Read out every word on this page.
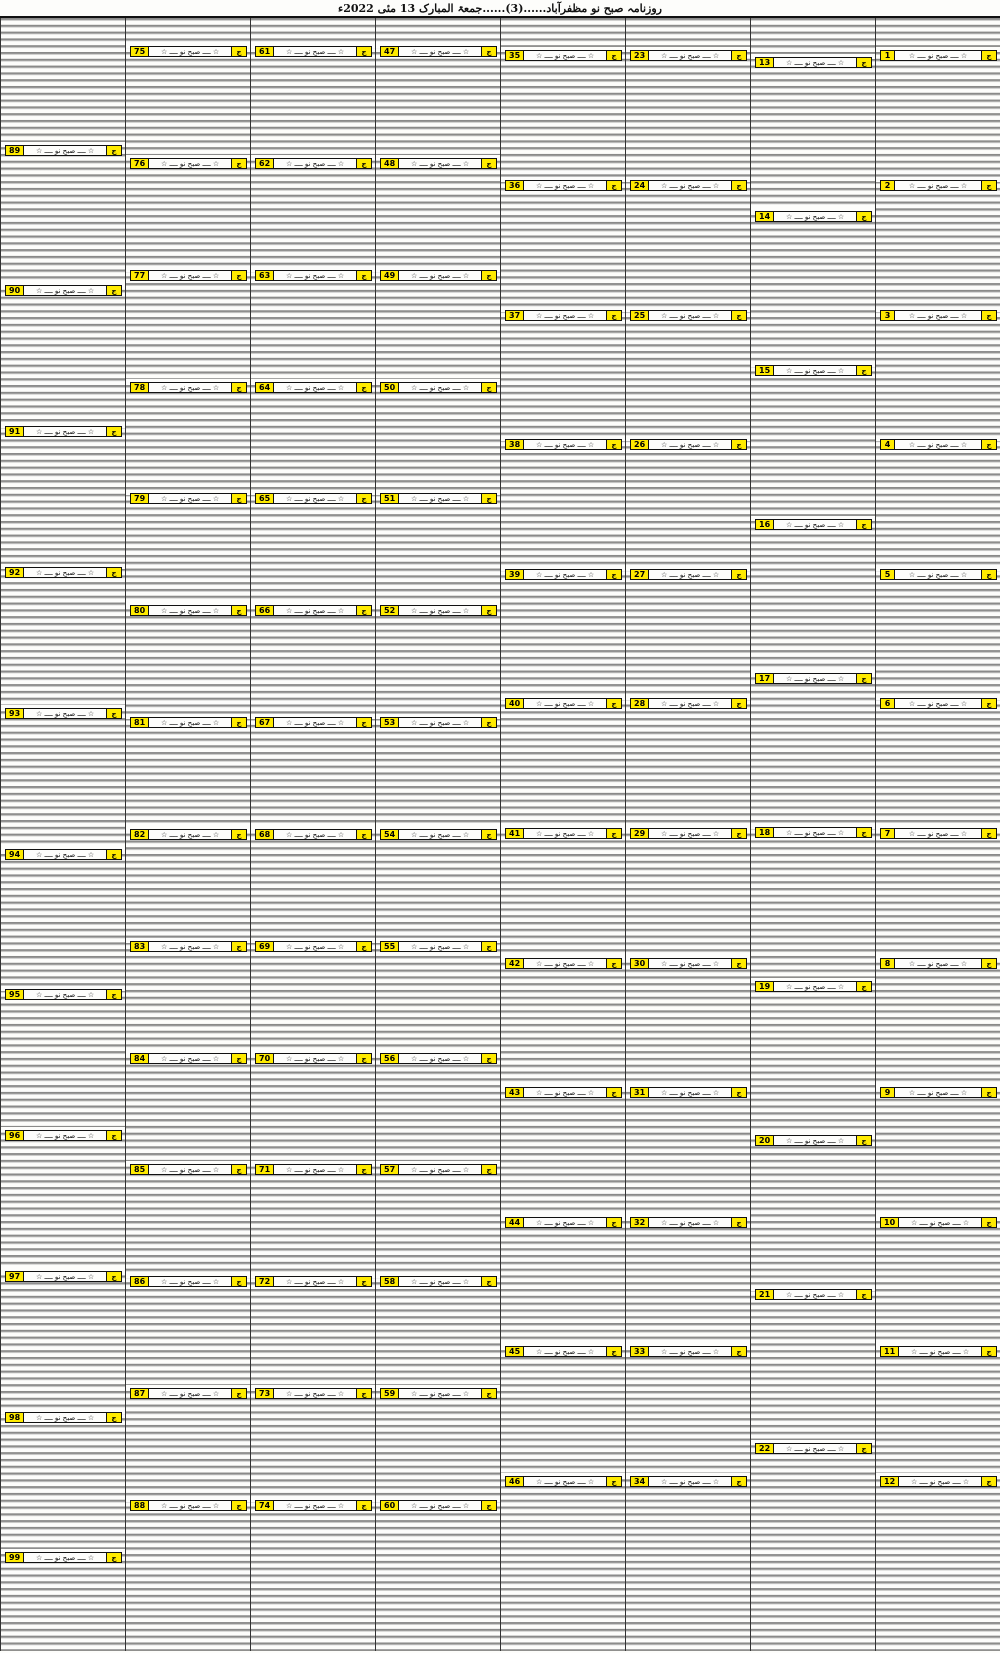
روزنامہ صبح نو مظفرآباد......(3)......جمعۃ المبارک 13 مئی 2022ء
89	☆ ــــ صبح نو ــــ ☆	ج
90	☆ ــــ صبح نو ــــ ☆	ج
91	☆ ــــ صبح نو ــــ ☆	ج
92	☆ ــــ صبح نو ــــ ☆	ج
93	☆ ــــ صبح نو ــــ ☆	ج
94	☆ ــــ صبح نو ــــ ☆	ج
95	☆ ــــ صبح نو ــــ ☆	ج
96	☆ ــــ صبح نو ــــ ☆	ج
97	☆ ــــ صبح نو ــــ ☆	ج
98	☆ ــــ صبح نو ــــ ☆	ج
99	☆ ــــ صبح نو ــــ ☆	ج
75	☆ ــــ صبح نو ــــ ☆	ج
76	☆ ــــ صبح نو ــــ ☆	ج
77	☆ ــــ صبح نو ــــ ☆	ج
78	☆ ــــ صبح نو ــــ ☆	ج
79	☆ ــــ صبح نو ــــ ☆	ج
80	☆ ــــ صبح نو ــــ ☆	ج
81	☆ ــــ صبح نو ــــ ☆	ج
82	☆ ــــ صبح نو ــــ ☆	ج
83	☆ ــــ صبح نو ــــ ☆	ج
84	☆ ــــ صبح نو ــــ ☆	ج
85	☆ ــــ صبح نو ــــ ☆	ج
86	☆ ــــ صبح نو ــــ ☆	ج
87	☆ ــــ صبح نو ــــ ☆	ج
88	☆ ــــ صبح نو ــــ ☆	ج
61	☆ ــــ صبح نو ــــ ☆	ج
62	☆ ــــ صبح نو ــــ ☆	ج
63	☆ ــــ صبح نو ــــ ☆	ج
64	☆ ــــ صبح نو ــــ ☆	ج
65	☆ ــــ صبح نو ــــ ☆	ج
66	☆ ــــ صبح نو ــــ ☆	ج
67	☆ ــــ صبح نو ــــ ☆	ج
68	☆ ــــ صبح نو ــــ ☆	ج
69	☆ ــــ صبح نو ــــ ☆	ج
70	☆ ــــ صبح نو ــــ ☆	ج
71	☆ ــــ صبح نو ــــ ☆	ج
72	☆ ــــ صبح نو ــــ ☆	ج
73	☆ ــــ صبح نو ــــ ☆	ج
74	☆ ــــ صبح نو ــــ ☆	ج
47	☆ ــــ صبح نو ــــ ☆	ج
48	☆ ــــ صبح نو ــــ ☆	ج
49	☆ ــــ صبح نو ــــ ☆	ج
50	☆ ــــ صبح نو ــــ ☆	ج
51	☆ ــــ صبح نو ــــ ☆	ج
52	☆ ــــ صبح نو ــــ ☆	ج
53	☆ ــــ صبح نو ــــ ☆	ج
54	☆ ــــ صبح نو ــــ ☆	ج
55	☆ ــــ صبح نو ــــ ☆	ج
56	☆ ــــ صبح نو ــــ ☆	ج
57	☆ ــــ صبح نو ــــ ☆	ج
58	☆ ــــ صبح نو ــــ ☆	ج
59	☆ ــــ صبح نو ــــ ☆	ج
60	☆ ــــ صبح نو ــــ ☆	ج
35	☆ ــــ صبح نو ــــ ☆	ج
36	☆ ــــ صبح نو ــــ ☆	ج
37	☆ ــــ صبح نو ــــ ☆	ج
38	☆ ــــ صبح نو ــــ ☆	ج
39	☆ ــــ صبح نو ــــ ☆	ج
40	☆ ــــ صبح نو ــــ ☆	ج
41	☆ ــــ صبح نو ــــ ☆	ج
42	☆ ــــ صبح نو ــــ ☆	ج
43	☆ ــــ صبح نو ــــ ☆	ج
44	☆ ــــ صبح نو ــــ ☆	ج
45	☆ ــــ صبح نو ــــ ☆	ج
46	☆ ــــ صبح نو ــــ ☆	ج
23	☆ ــــ صبح نو ــــ ☆	ج
24	☆ ــــ صبح نو ــــ ☆	ج
25	☆ ــــ صبح نو ــــ ☆	ج
26	☆ ــــ صبح نو ــــ ☆	ج
27	☆ ــــ صبح نو ــــ ☆	ج
28	☆ ــــ صبح نو ــــ ☆	ج
29	☆ ــــ صبح نو ــــ ☆	ج
30	☆ ــــ صبح نو ــــ ☆	ج
31	☆ ــــ صبح نو ــــ ☆	ج
32	☆ ــــ صبح نو ــــ ☆	ج
33	☆ ــــ صبح نو ــــ ☆	ج
34	☆ ــــ صبح نو ــــ ☆	ج
13	☆ ــــ صبح نو ــــ ☆	ج
14	☆ ــــ صبح نو ــــ ☆	ج
15	☆ ــــ صبح نو ــــ ☆	ج
16	☆ ــــ صبح نو ــــ ☆	ج
17	☆ ــــ صبح نو ــــ ☆	ج
18	☆ ــــ صبح نو ــــ ☆	ج
19	☆ ــــ صبح نو ــــ ☆	ج
20	☆ ــــ صبح نو ــــ ☆	ج
21	☆ ــــ صبح نو ــــ ☆	ج
22	☆ ــــ صبح نو ــــ ☆	ج
1	☆ ــــ صبح نو ــــ ☆	ج
2	☆ ــــ صبح نو ــــ ☆	ج
3	☆ ــــ صبح نو ــــ ☆	ج
4	☆ ــــ صبح نو ــــ ☆	ج
5	☆ ــــ صبح نو ــــ ☆	ج
6	☆ ــــ صبح نو ــــ ☆	ج
7	☆ ــــ صبح نو ــــ ☆	ج
8	☆ ــــ صبح نو ــــ ☆	ج
9	☆ ــــ صبح نو ــــ ☆	ج
10	☆ ــــ صبح نو ــــ ☆	ج
11	☆ ــــ صبح نو ــــ ☆	ج
12	☆ ــــ صبح نو ــــ ☆	ج
